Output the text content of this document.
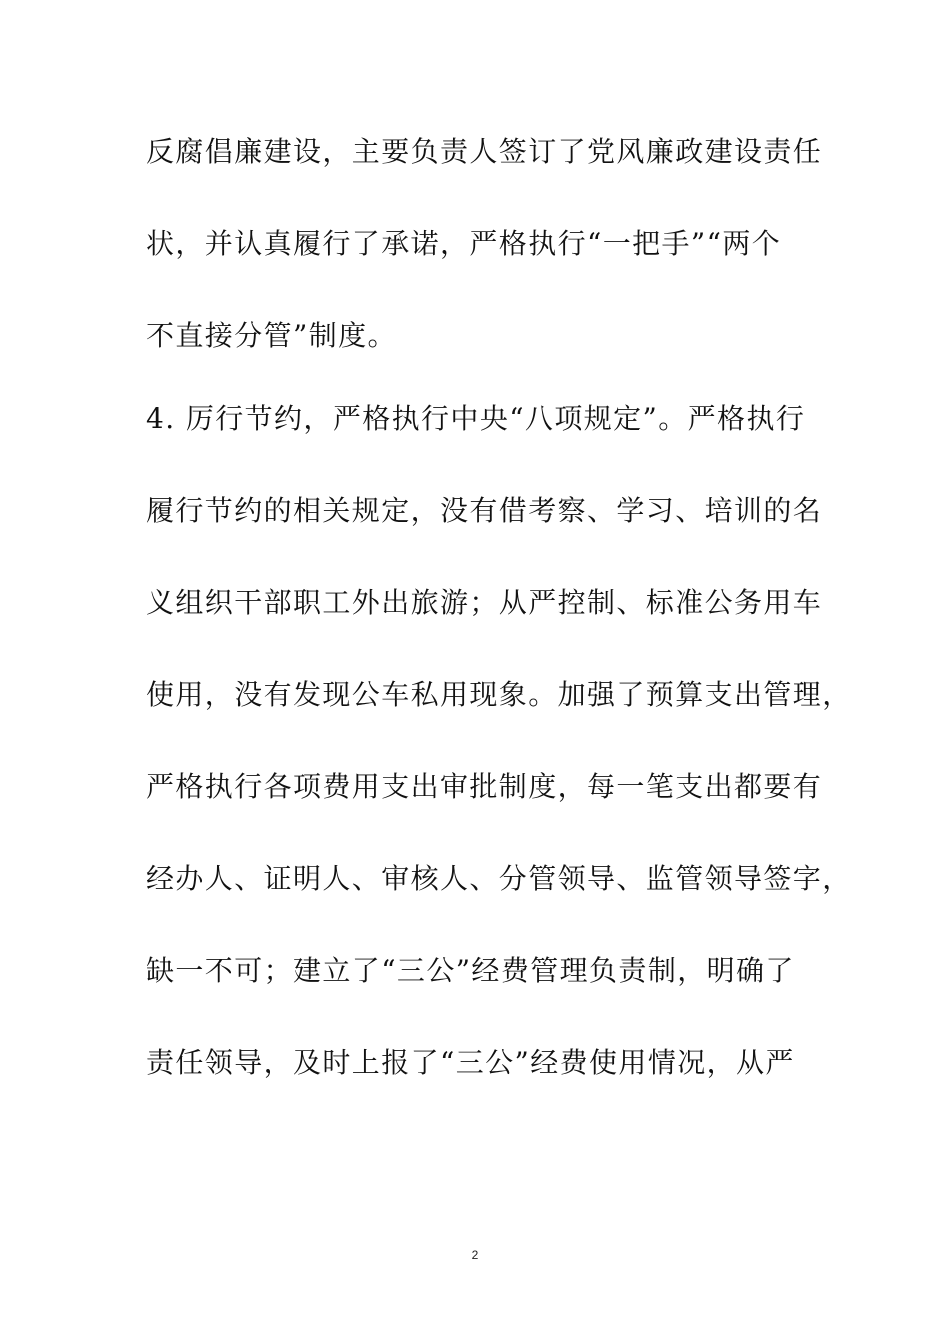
反腐倡廉建设，主要负责人签订了党风廉政建设责任
状，并认真履行了承诺，严格执行“一把手”“两个
不直接分管”制度。
4. 厉行节约，严格执行中央“八项规定”。严格执行
履行节约的相关规定，没有借考察、学习、培训的名
义组织干部职工外出旅游；从严控制、标准公务用车
使用，没有发现公车私用现象。加强了预算支出管理，
严格执行各项费用支出审批制度，每一笔支出都要有
经办人、证明人、审核人、分管领导、监管领导签字，
缺一不可；建立了“三公”经费管理负责制，明确了
责任领导，及时上报了“三公”经费使用情况，从严
2
